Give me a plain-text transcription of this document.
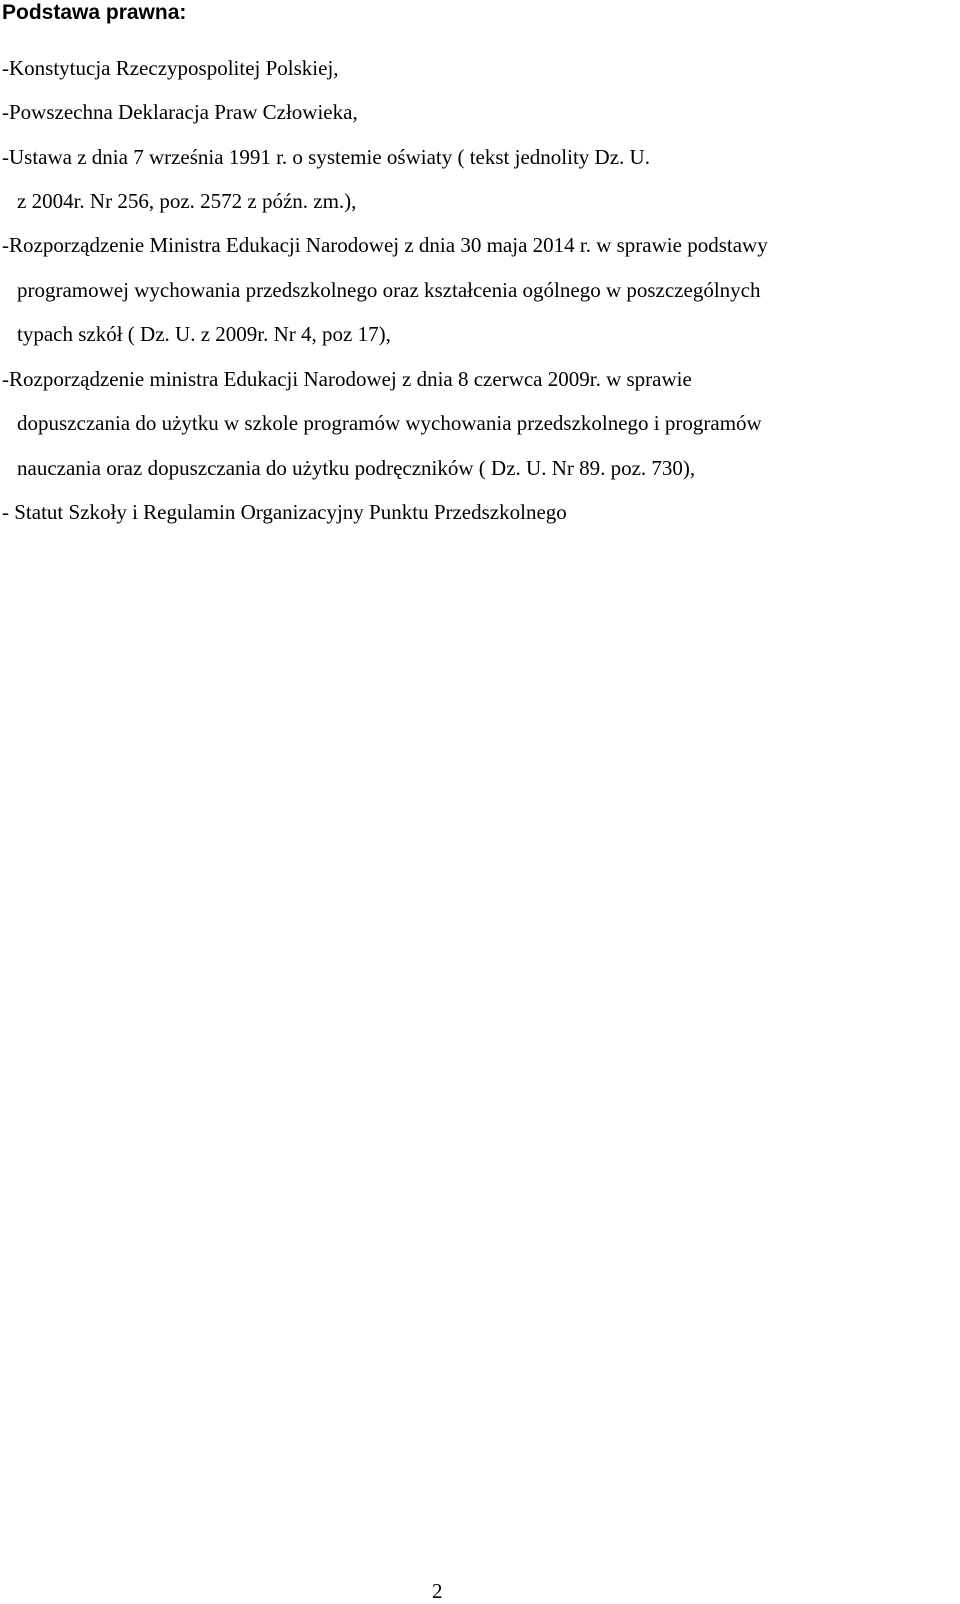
Podstawa prawna:
-Konstytucja Rzeczypospolitej Polskiej,
-Powszechna Deklaracja Praw Człowieka,
-Ustawa z dnia 7 września 1991 r. o systemie oświaty ( tekst jednolity Dz. U.
z 2004r. Nr 256, poz. 2572 z późn. zm.),
-Rozporządzenie Ministra Edukacji Narodowej z dnia 30 maja 2014 r. w sprawie podstawy
programowej wychowania przedszkolnego oraz kształcenia ogólnego w poszczególnych
typach szkół ( Dz. U. z 2009r. Nr 4, poz 17),
-Rozporządzenie ministra Edukacji Narodowej z dnia 8 czerwca 2009r. w sprawie
dopuszczania do użytku w szkole programów wychowania przedszkolnego i programów
nauczania oraz dopuszczania do użytku podręczników ( Dz. U. Nr 89. poz. 730),
- Statut Szkoły i Regulamin Organizacyjny Punktu Przedszkolnego
2
